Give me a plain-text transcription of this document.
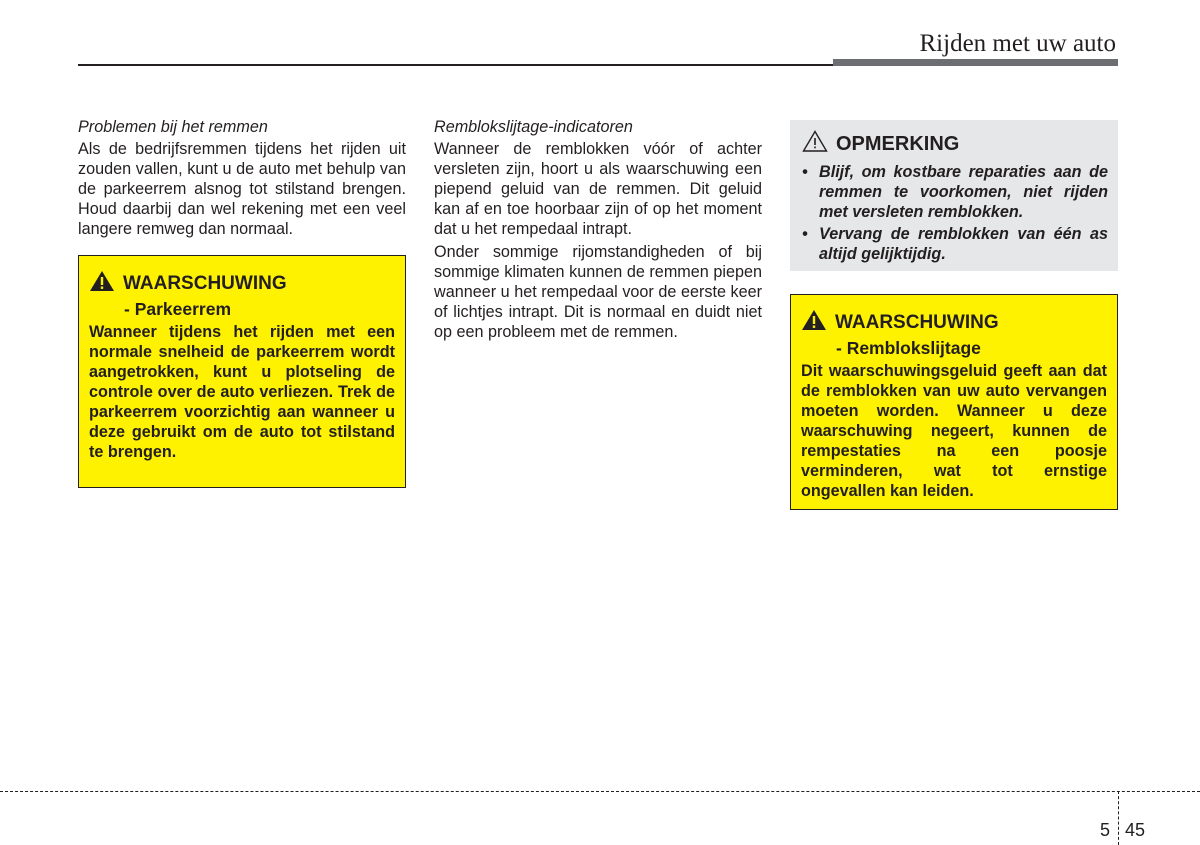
Rijden met uw auto
Problemen bij het remmen

Als de bedrijfsremmen tijdens het rijden uit zouden vallen, kunt u de auto met behulp van de parkeerrem alsnog tot stilstand brengen. Houd daarbij dan wel rekening met een veel langere remweg dan normaal.

WAARSCHUWING
- Parkeerrem
Wanneer tijdens het rijden met een normale snelheid de parkeerrem wordt aangetrokken, kunt u plotseling de controle over de auto verliezen. Trek de parkeerrem voorzichtig aan wanneer u deze gebruikt om de auto tot stilstand te brengen.
Remblokslijtage-indicatoren

Wanneer de remblokken vóór of achter versleten zijn, hoort u als waarschuwing een piepend geluid van de remmen. Dit geluid kan af en toe hoorbaar zijn of op het moment dat u het rempedaal intrapt.

Onder sommige rijomstandigheden of bij sommige klimaten kunnen de remmen piepen wanneer u het rempedaal voor de eerste keer of lichtjes intrapt. Dit is normaal en duidt niet op een probleem met de remmen.

OPMERKING
• Blijf, om kostbare reparaties aan de remmen te voorkomen, niet rijden met versleten remblokken.
• Vervang de remblokken van één as altijd gelijktijdig.
WAARSCHUWING
- Remblokslijtage
Dit waarschuwingsgeluid geeft aan dat de remblokken van uw auto vervangen moeten worden. Wanneer u deze waarschuwing negeert, kunnen de rempestaties na een poosje verminderen, wat tot ernstige ongevallen kan leiden.
5 45
